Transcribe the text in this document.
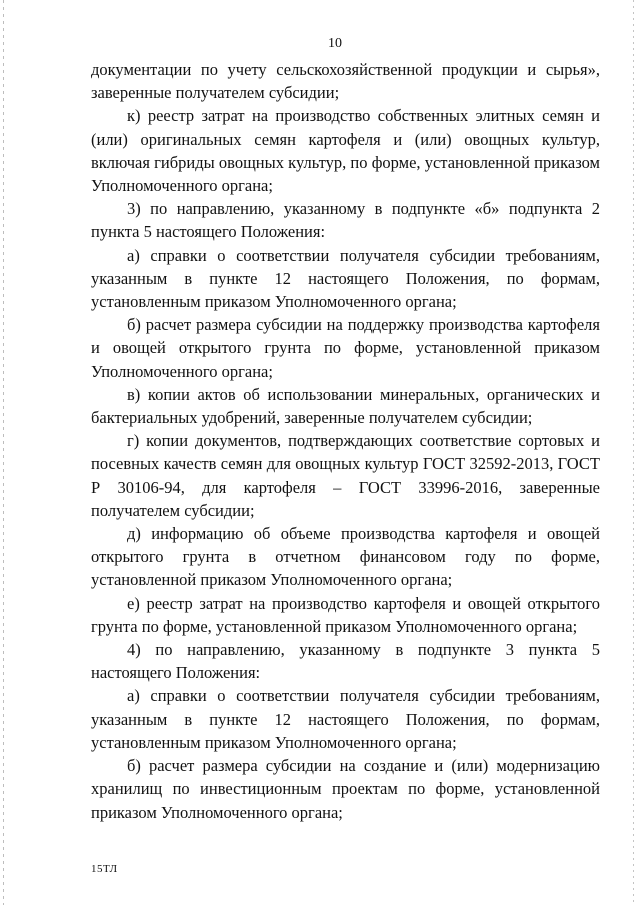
10

документации по учету сельскохозяйственной продукции и сырья», заверенные получателем субсидии;

к) реестр затрат на производство собственных элитных семян и (или) оригинальных семян картофеля и (или) овощных культур, включая гибриды овощных культур, по форме, установленной приказом Уполномоченного органа;

3) по направлению, указанному в подпункте «б» подпункта 2 пункта 5 настоящего Положения:

а) справки о соответствии получателя субсидии требованиям, указанным в пункте 12 настоящего Положения, по формам, установленным приказом Уполномоченного органа;

б) расчет размера субсидии на поддержку производства картофеля и овощей открытого грунта по форме, установленной приказом Уполномоченного органа;

в) копии актов об использовании минеральных, органических и бактериальных удобрений, заверенные получателем субсидии;

г) копии документов, подтверждающих соответствие сортовых и посевных качеств семян для овощных культур ГОСТ 32592-2013, ГОСТ Р 30106-94, для картофеля – ГОСТ 33996-2016, заверенные получателем субсидии;

д) информацию об объеме производства картофеля и овощей открытого грунта в отчетном финансовом году по форме, установленной приказом Уполномоченного органа;

е) реестр затрат на производство картофеля и овощей открытого грунта по форме, установленной приказом Уполномоченного органа;

4) по направлению, указанному в подпункте 3 пункта 5 настоящего Положения:

а) справки о соответствии получателя субсидии требованиям, указанным в пункте 12 настоящего Положения, по формам, установленным приказом Уполномоченного органа;

б) расчет размера субсидии на создание и (или) модернизацию хранилищ по инвестиционным проектам по форме, установленной приказом Уполномоченного органа;

15ТЛ
